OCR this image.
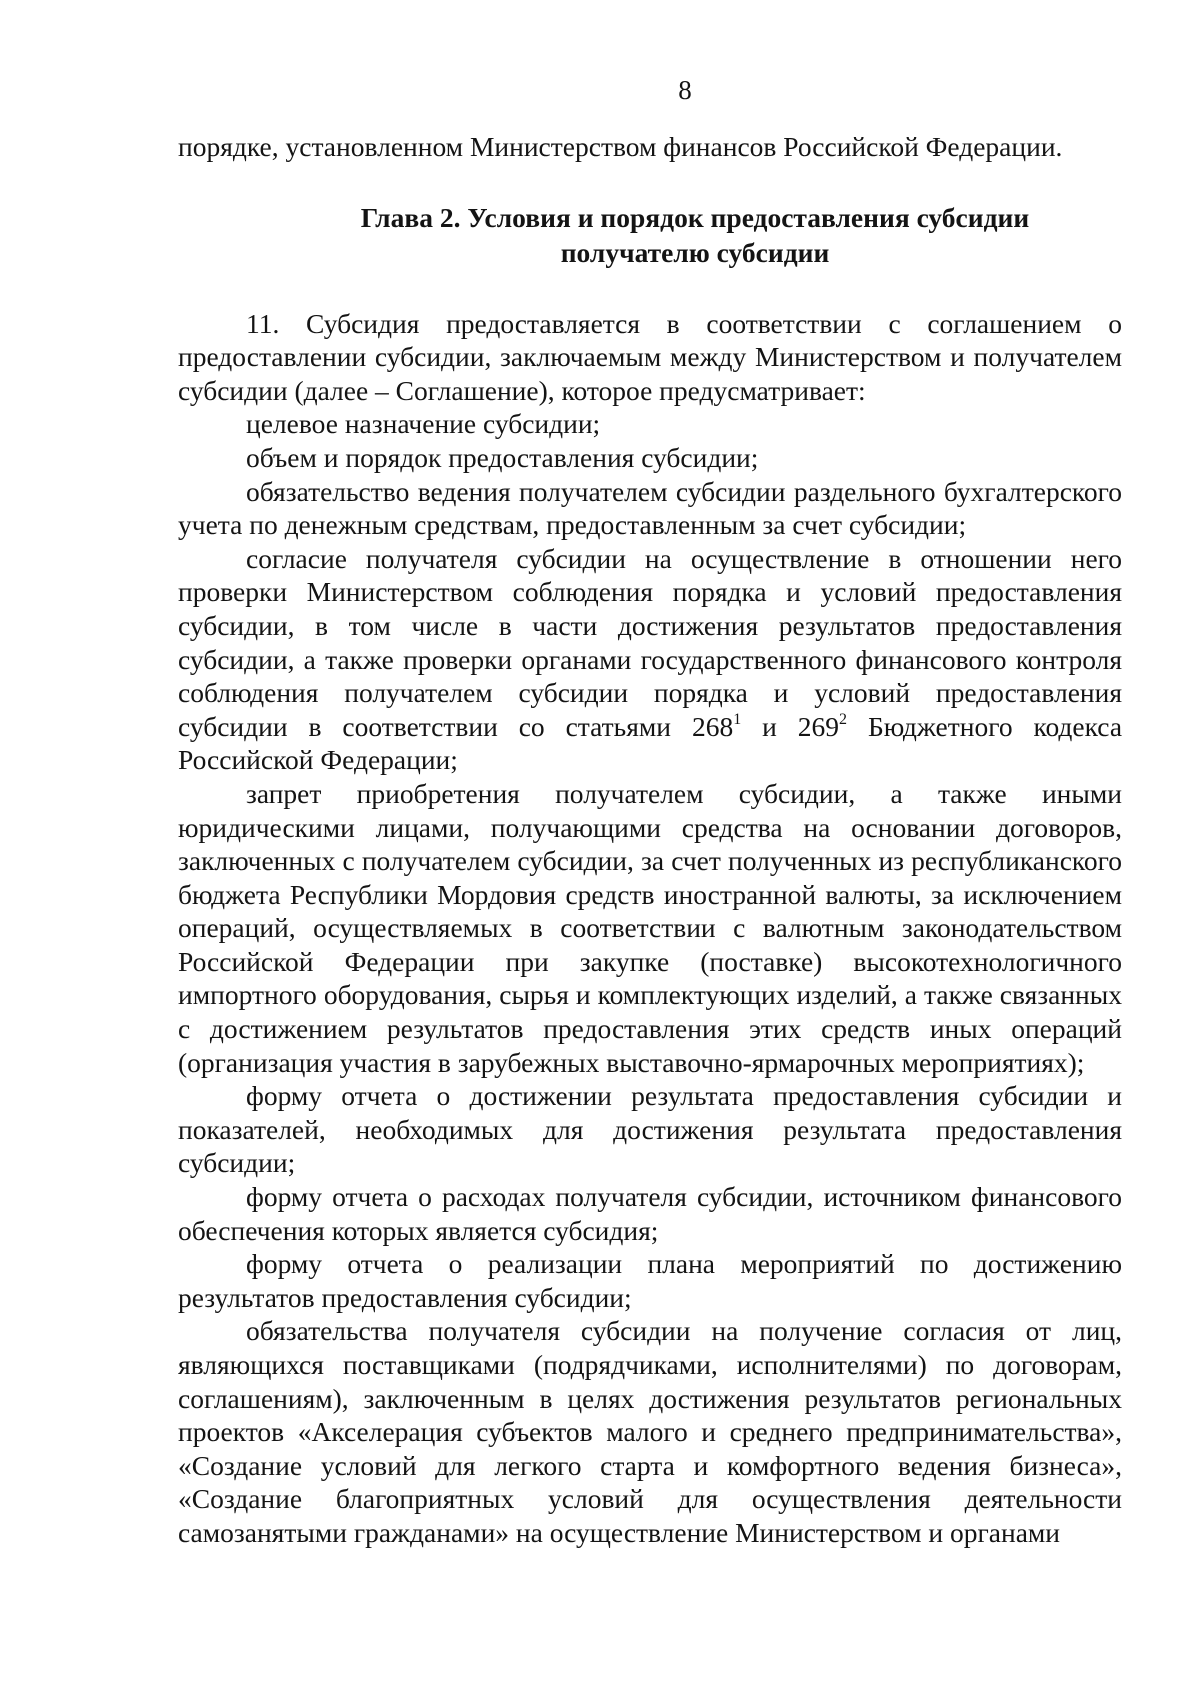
8

порядке, установленном Министерством финансов Российской Федерации.

Глава 2. Условия и порядок предоставления субсидии
получателю субсидии

11. Субсидия предоставляется в соответствии с соглашением о предоставлении субсидии, заключаемым между Министерством и получателем субсидии (далее – Соглашение), которое предусматривает:

целевое назначение субсидии;

объем и порядок предоставления субсидии;

обязательство ведения получателем субсидии раздельного бухгалтерского учета по денежным средствам, предоставленным за счет субсидии;

согласие получателя субсидии на осуществление в отношении него проверки Министерством соблюдения порядка и условий предоставления субсидии, в том числе в части достижения результатов предоставления субсидии, а также проверки органами государственного финансового контроля соблюдения получателем субсидии порядка и условий предоставления субсидии в соответствии со статьями $268^1$ и $269^2$ Бюджетного кодекса Российской Федерации;

запрет приобретения получателем субсидии, а также иными юридическими лицами, получающими средства на основании договоров, заключенных с получателем субсидии, за счет полученных из республиканского бюджета Республики Мордовия средств иностранной валюты, за исключением операций, осуществляемых в соответствии с валютным законодательством Российской Федерации при закупке (поставке) высокотехнологичного импортного оборудования, сырья и комплектующих изделий, а также связанных с достижением результатов предоставления этих средств иных операций (организация участия в зарубежных выставочно-ярмарочных мероприятиях);

форму отчета о достижении результата предоставления субсидии и показателей, необходимых для достижения результата предоставления субсидии;

форму отчета о расходах получателя субсидии, источником финансового обеспечения которых является субсидия;

форму отчета о реализации плана мероприятий по достижению результатов предоставления субсидии;

обязательства получателя субсидии на получение согласия от лиц, являющихся поставщиками (подрядчиками, исполнителями) по договорам, соглашениям), заключенным в целях достижения результатов региональных проектов «Акселерация субъектов малого и среднего предпринимательства», «Создание условий для легкого старта и комфортного ведения бизнеса», «Создание благоприятных условий для осуществления деятельности самозанятыми гражданами» на осуществление Министерством и органами
